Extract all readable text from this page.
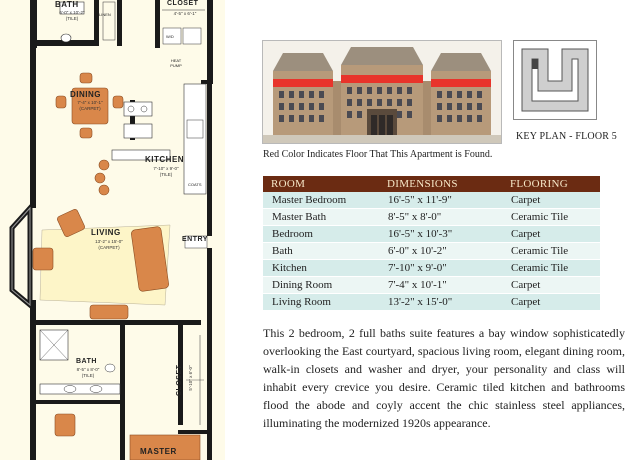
BATH
6'-0" x 10'-2"
(TILE)
LINEN
CLOSET
4'-5" x 6'-1"
W/D
HEAT PUMP
DINING
7'-4" x 10'-1"
(CARPET)
KITCHEN
7'-10" x 9'-0"
(TILE)
COATS
LIVING
13'-2" x 15'-0"
(CARPET)
ENTRY
BATH
8'-5" x 8'-0"
(TILE)	CLOSET 5'-10" x 6'-0"
MASTER
KEY PLAN - FLOOR 5
Red Color Indicates Floor That This Apartment is Found.
ROOM	DIMENSIONS	FLOORING
Master Bedroom	16'-5" x 11'-9"	Carpet
Master Bath	8'-5" x 8'-0"	Ceramic Tile
Bedroom	16'-5" x 10'-3"	Carpet
Bath	6'-0" x 10'-2"	Ceramic Tile
Kitchen	7'-10" x 9'-0"	Ceramic Tile
Dining Room	7'-4" x 10'-1"	Carpet
Living Room	13'-2" x 15'-0"	Carpet

This 2 bedroom, 2 full baths suite features a bay window sophisticatedly overlooking the East courtyard, spacious living room, elegant dining room, walk-in closets and washer and dryer, your personality and class will inhabit every crevice you desire. Ceramic tiled kitchen and bathrooms flood the abode and coyly accent the chic stainless steel appliances, illuminating the modernized 1920s appearance.
